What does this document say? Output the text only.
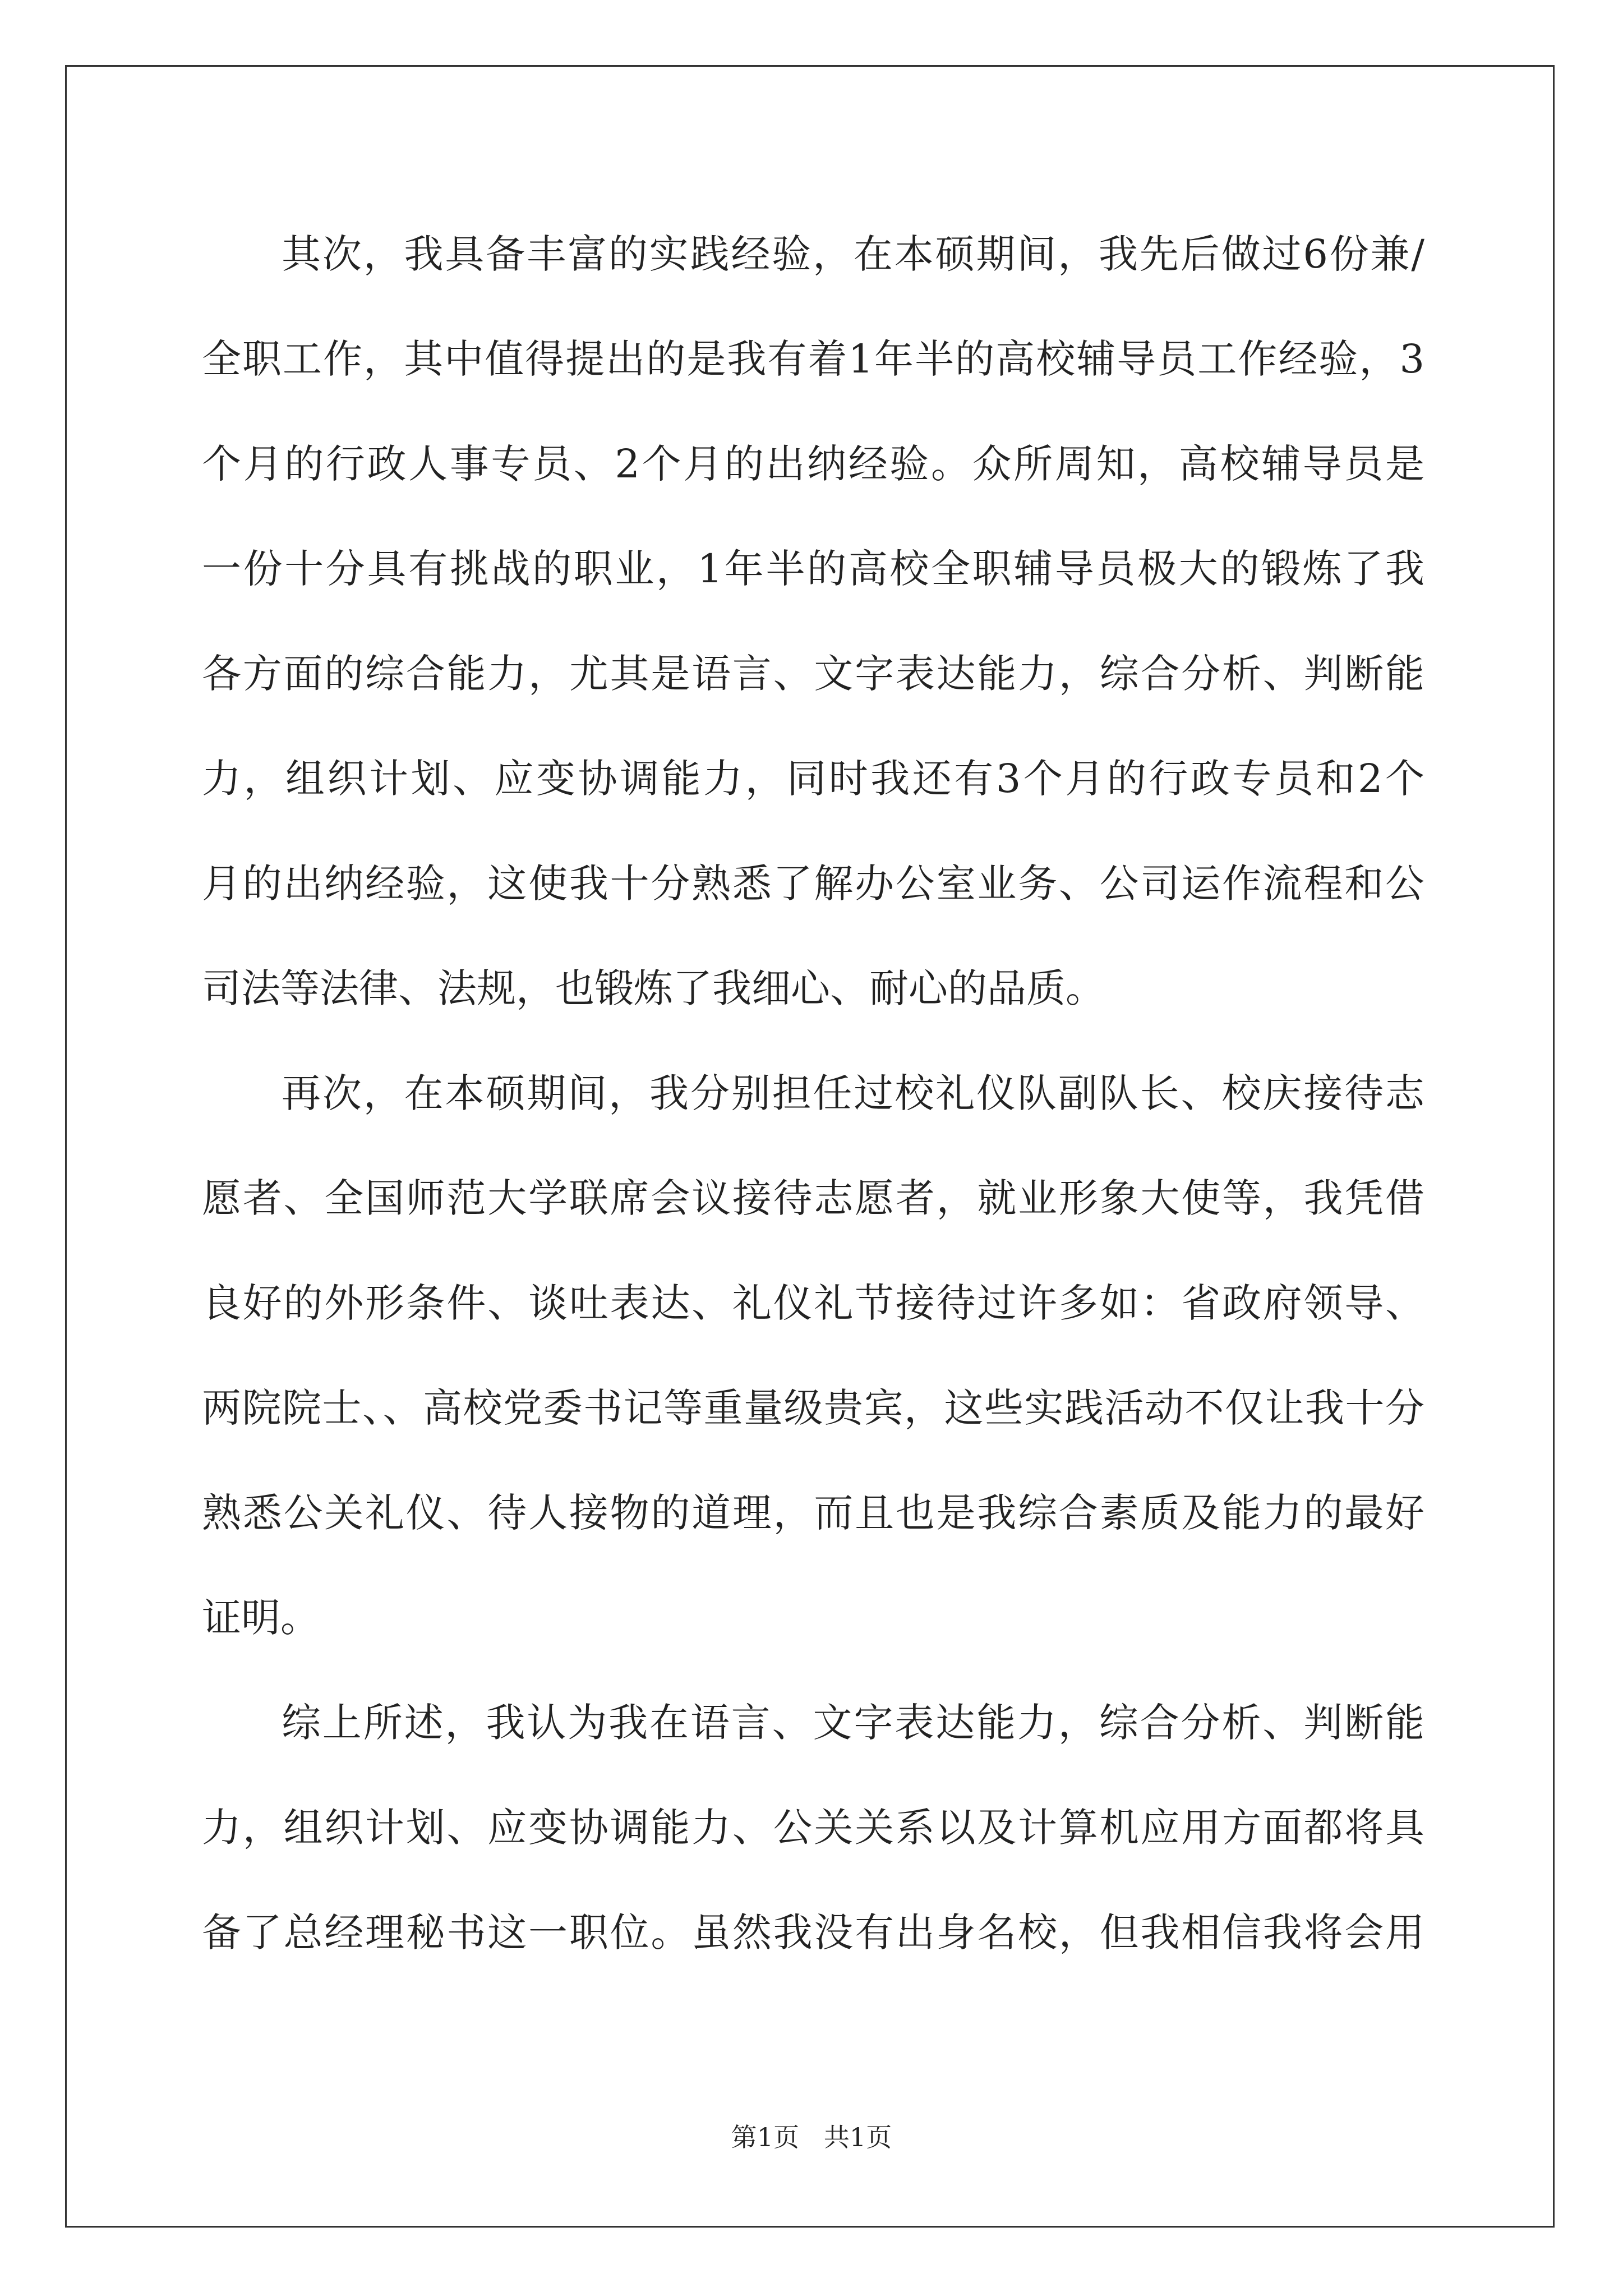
其次，我具备丰富的实践经验，在本硕期间，我先后做过6份兼/
全职工作，其中值得提出的是我有着1年半的高校辅导员工作经验，3
个月的行政人事专员、2个月的出纳经验。众所周知，高校辅导员是
一份十分具有挑战的职业，1年半的高校全职辅导员极大的锻炼了我
各方面的综合能力，尤其是语言、文字表达能力，综合分析、判断能
力，组织计划、应变协调能力，同时我还有3个月的行政专员和2个
月的出纳经验，这使我十分熟悉了解办公室业务、公司运作流程和公
司法等法律、法规，也锻炼了我细心、耐心的品质。
再次，在本硕期间，我分别担任过校礼仪队副队长、校庆接待志
愿者、全国师范大学联席会议接待志愿者，就业形象大使等，我凭借
良好的外形条件、谈吐表达、礼仪礼节接待过许多如：省政府领导、
两院院士、、高校党委书记等重量级贵宾，这些实践活动不仅让我十分
熟悉公关礼仪、待人接物的道理，而且也是我综合素质及能力的最好
证明。
综上所述，我认为我在语言、文字表达能力，综合分析、判断能
力，组织计划、应变协调能力、公关关系以及计算机应用方面都将具
备了总经理秘书这一职位。虽然我没有出身名校，但我相信我将会用
第1页   共1页
